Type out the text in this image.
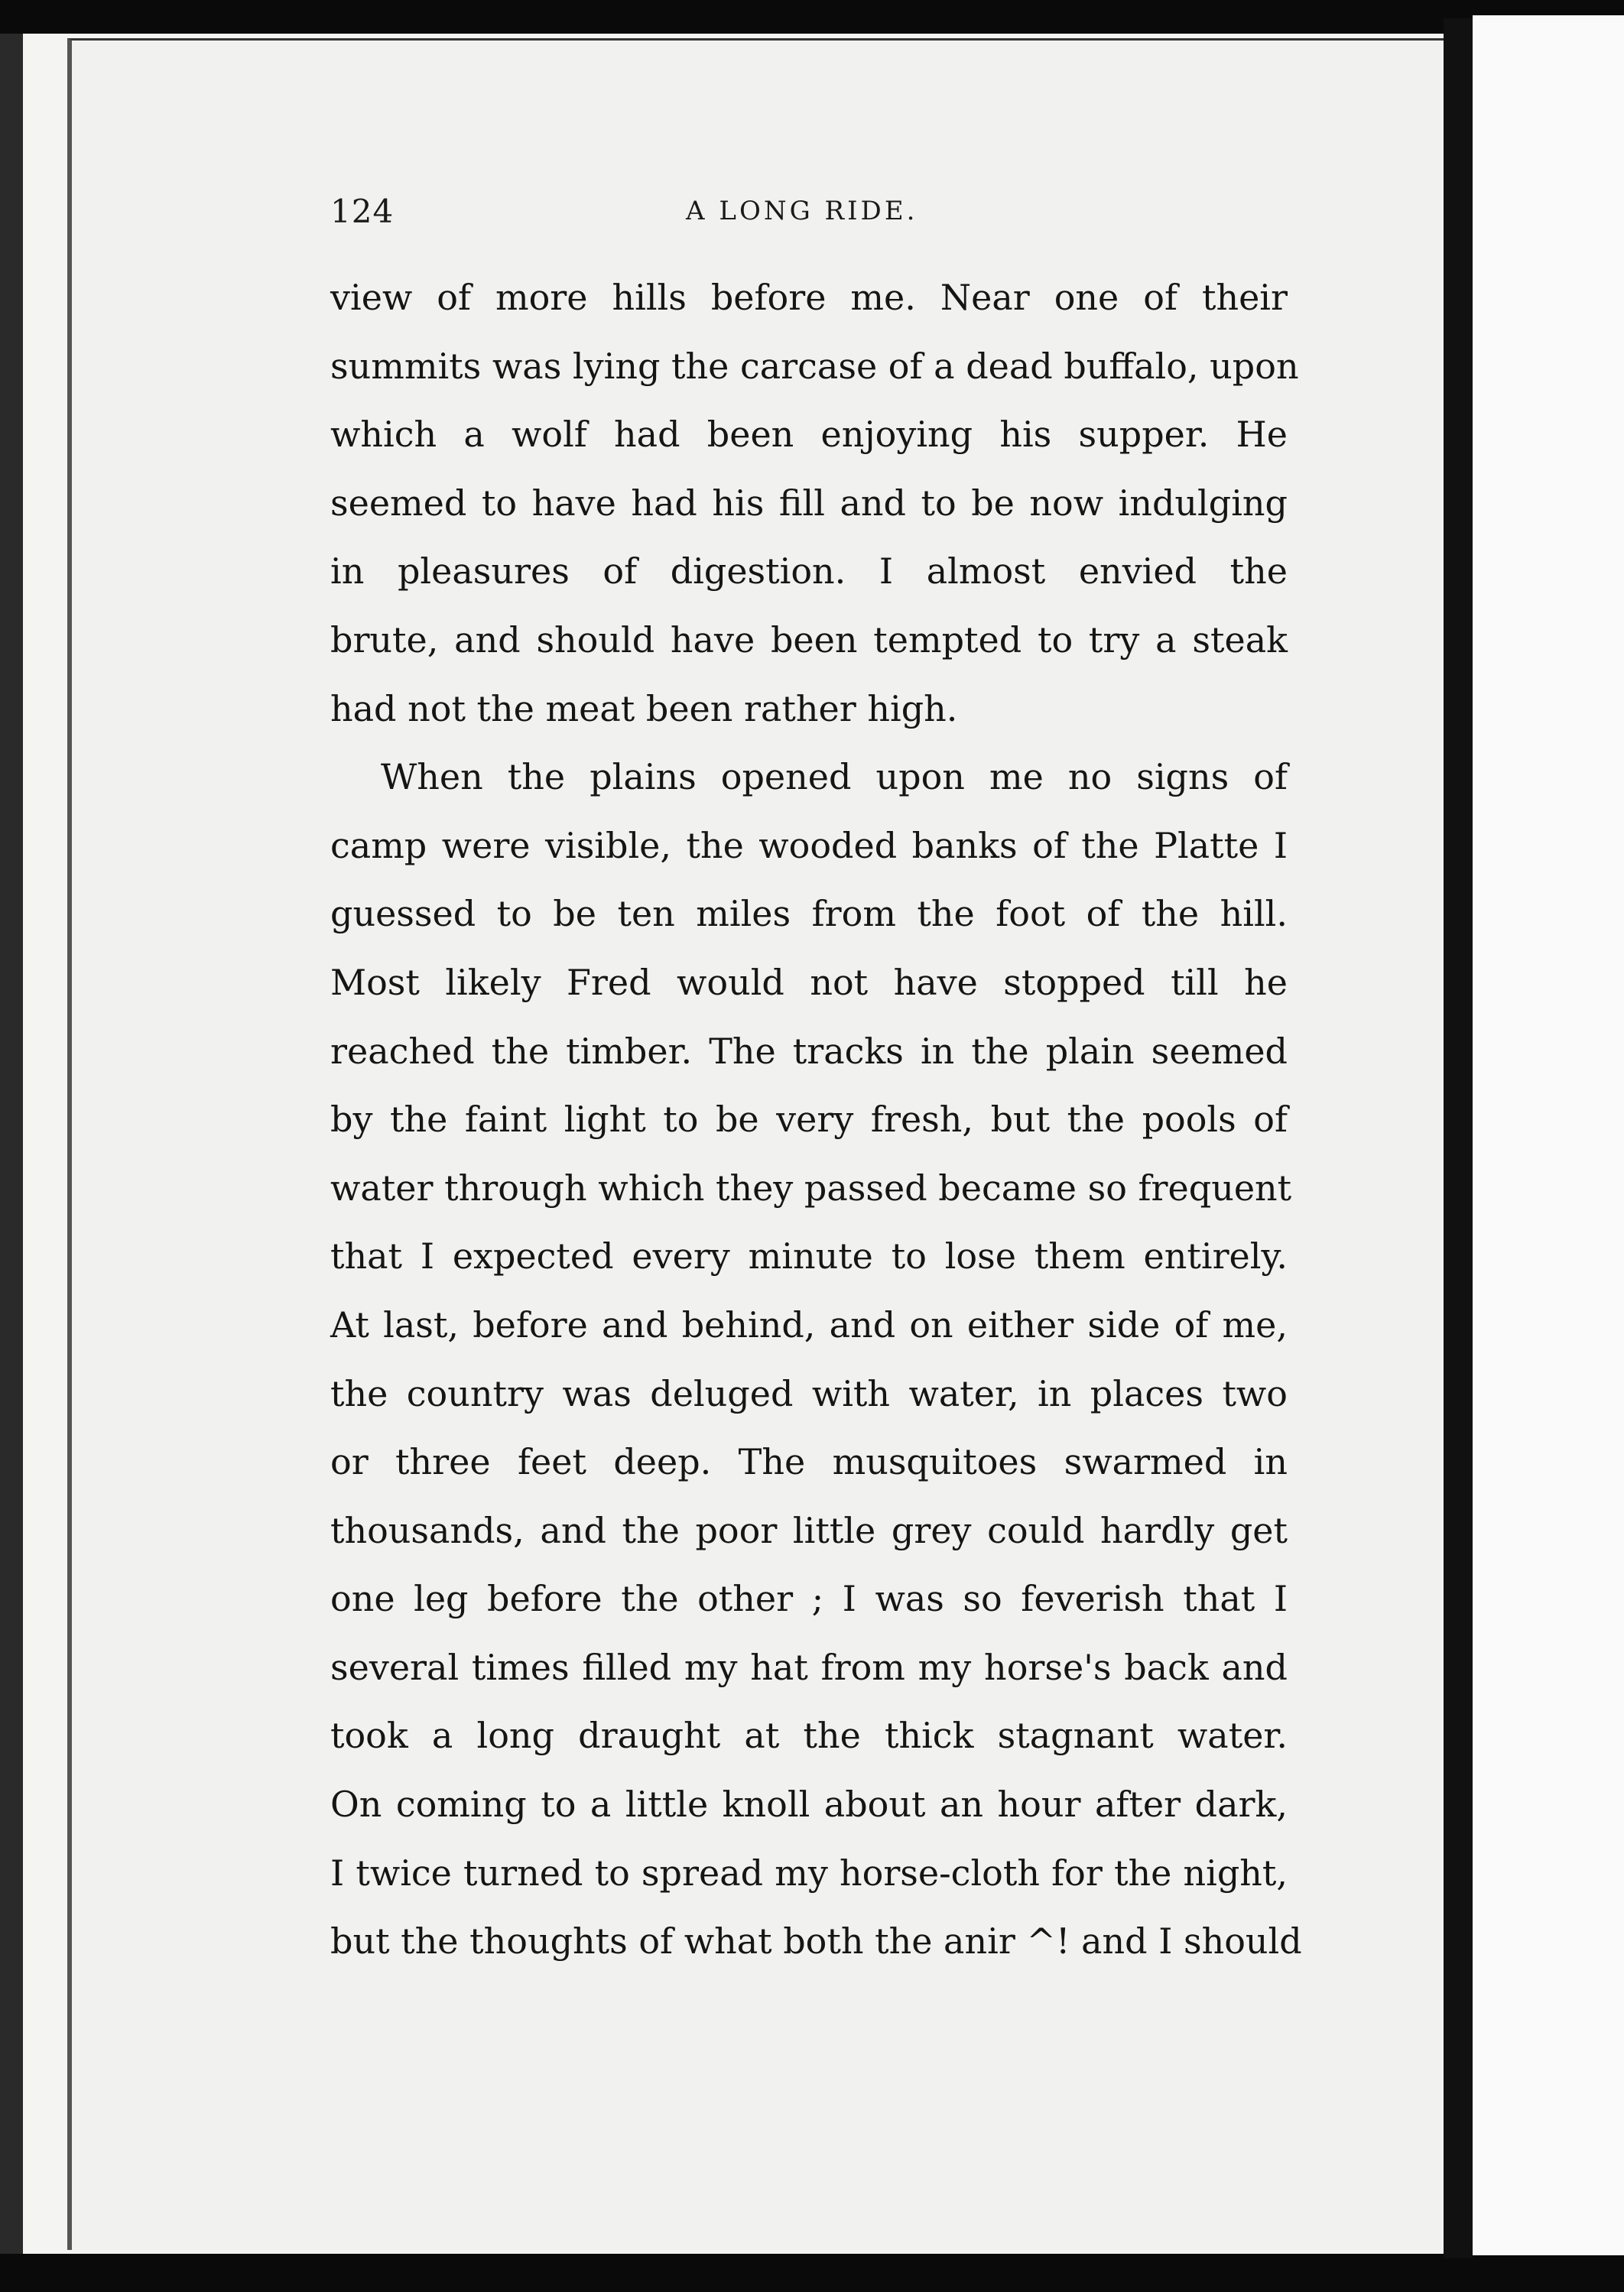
124	A LONG RIDE.
view of more hills before me. Near one of their
summits was lying the carcase of a dead buffalo, upon
which a wolf had been enjoying his supper. He
seemed to have had his fill and to be now indulging
in pleasures of digestion. I almost envied the
brute, and should have been tempted to try a steak
had not the meat been rather high.
When the plains opened upon me no signs of
camp were visible, the wooded banks of the Platte I
guessed to be ten miles from the foot of the hill.
Most likely Fred would not have stopped till he
reached the timber. The tracks in the plain seemed
by the faint light to be very fresh, but the pools of
water through which they passed became so frequent
that I expected every minute to lose them entirely.
At last, before and behind, and on either side of me,
the country was deluged with water, in places two
or three feet deep. The musquitoes swarmed in
thousands, and the poor little grey could hardly get
one leg before the other ; I was so feverish that I
several times filled my hat from my horse's back and
took a long draught at the thick stagnant water.
On coming to a little knoll about an hour after dark,
I twice turned to spread my horse-cloth for the night,
but the thoughts of what both the anir ^! and I should
